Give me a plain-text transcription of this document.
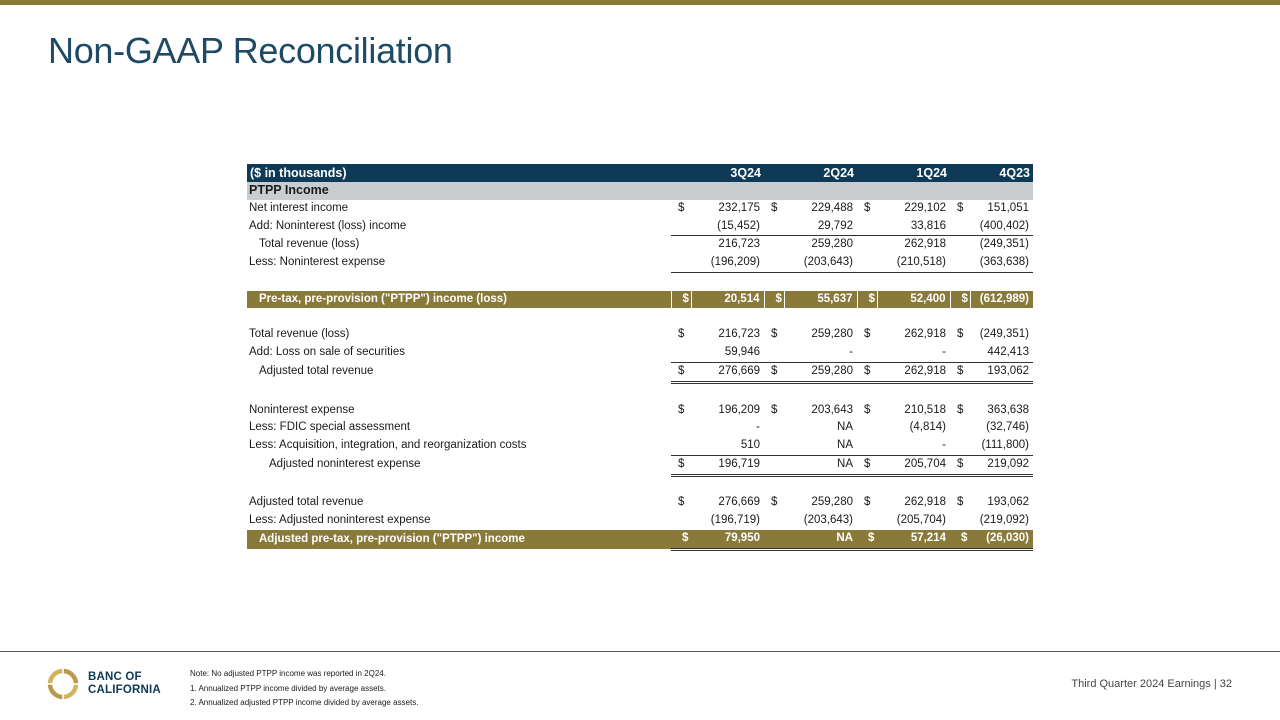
Non-GAAP Reconciliation
($ in thousands)	3Q24		2Q24		1Q24		4Q23	
PTPP Income								
Net interest income	$	232,175	$	229,488	$	229,102	$	151,051
Add: Noninterest (loss) income		(15,452)		29,792		33,816		(400,402)
Total revenue (loss)		216,723		259,280		262,918		(249,351)
Less: Noninterest expense		(196,209)		(203,643)		(210,518)		(363,638)

Pre-tax, pre-provision ("PTPP") income (loss)	$	20,514	$	55,637	$	52,400	$	(612,989)

Total revenue (loss)	$	216,723	$	259,280	$	262,918	$	(249,351)
Add: Loss on sale of securities		59,946		-		-		442,413
Adjusted total revenue	$	276,669	$	259,280	$	262,918	$	193,062

Noninterest expense	$	196,209	$	203,643	$	210,518	$	363,638
Less: FDIC special assessment		-		NA		(4,814)		(32,746)
Less: Acquisition, integration, and reorganization costs		510		NA		-		(111,800)
Adjusted noninterest expense	$	196,719		NA	$	205,704	$	219,092

Adjusted total revenue	$	276,669	$	259,280	$	262,918	$	193,062
Less: Adjusted noninterest expense		(196,719)		(203,643)		(205,704)		(219,092)
Adjusted pre-tax, pre-provision ("PTPP") income	$	79,950		NA	$	57,214	$	(26,030)
BANC OF
CALIFORNIA
Note: No adjusted PTPP income was reported in 2Q24.
1. Annualized PTPP income divided by average assets.
2. Annualized adjusted PTPP income divided by average assets.
Third Quarter 2024 Earnings | 32
